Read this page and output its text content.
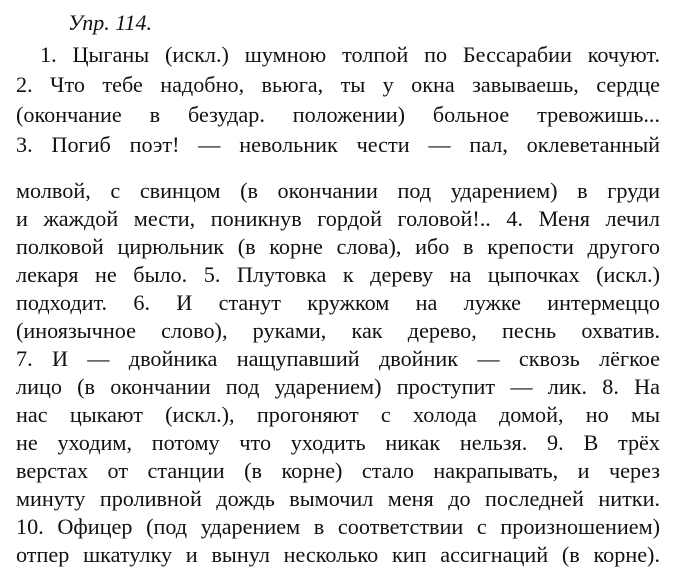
Упр. 114.
1. Цыганы (искл.) шумною толпой по Бессарабии кочуют.
2. Что тебе надобно, вьюга, ты у окна завываешь, сердце
(окончание в безудар. положении) больное тревожишь...
3. Погиб поэт! — невольник чести — пал, оклеветанный
молвой, с свинцом (в окончании под ударением) в груди
и жаждой мести, поникнув гордой головой!.. 4. Меня лечил
полковой цирюльник (в корне слова), ибо в крепости другого
лекаря не было. 5. Плутовка к дереву на цыпочках (искл.)
подходит. 6. И станут кружком на лужке интермеццо
(иноязычное слово), руками, как дерево, песнь охватив.
7. И — двойника нащупавший двойник — сквозь лёгкое
лицо (в окончании под ударением) проступит — лик. 8. На
нас цыкают (искл.), прогоняют с холода домой, но мы
не уходим, потому что уходить никак нельзя. 9. В трёх
верстах от станции (в корне) стало накрапывать, и через
минуту проливной дождь вымочил меня до последней нитки.
10. Офицер (под ударением в соответствии с произношением)
отпер шкатулку и вынул несколько кип ассигнаций (в корне).
